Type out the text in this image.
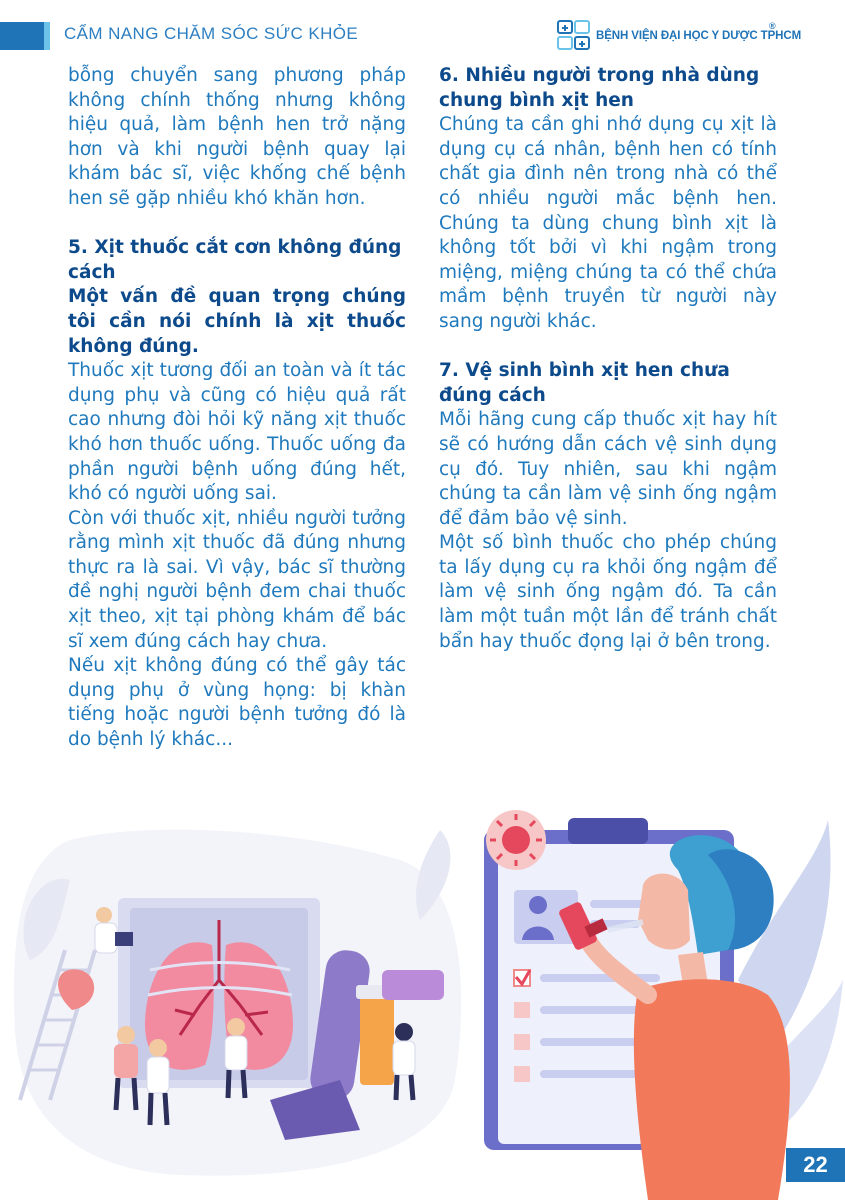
CẨM NANG CHĂM SÓC SỨC KHỎE	BỆNH VIỆN ĐẠI HỌC Y DƯỢC TPHCM
®

bỗng chuyển sang phương pháp không chính thống nhưng không hiệu quả, làm bệnh hen trở nặng hơn và khi người bệnh quay lại khám bác sĩ, việc khống chế bệnh hen sẽ gặp nhiều khó khăn hơn.

5. Xịt thuốc cắt cơn không đúng cách

Một vấn đề quan trọng chúng tôi cần nói chính là xịt thuốc không đúng.

Thuốc xịt tương đối an toàn và ít tác dụng phụ và cũng có hiệu quả rất cao nhưng đòi hỏi kỹ năng xịt thuốc khó hơn thuốc uống. Thuốc uống đa phần người bệnh uống đúng hết, khó có người uống sai.

Còn với thuốc xịt, nhiều người tưởng rằng mình xịt thuốc đã đúng nhưng thực ra là sai. Vì vậy, bác sĩ thường đề nghị người bệnh đem chai thuốc xịt theo, xịt tại phòng khám để bác sĩ xem đúng cách hay chưa.

Nếu xịt không đúng có thể gây tác dụng phụ ở vùng họng: bị khàn tiếng hoặc người bệnh tưởng đó là do bệnh lý khác...

6. Nhiều người trong nhà dùng chung bình xịt hen

Chúng ta cần ghi nhớ dụng cụ xịt là dụng cụ cá nhân, bệnh hen có tính chất gia đình nên trong nhà có thể có nhiều người mắc bệnh hen. Chúng ta dùng chung bình xịt là không tốt bởi vì khi ngậm trong miệng, miệng chúng ta có thể chứa mầm bệnh truyền từ người này sang người khác.

7. Vệ sinh bình xịt hen chưa đúng cách

Mỗi hãng cung cấp thuốc xịt hay hít sẽ có hướng dẫn cách vệ sinh dụng cụ đó. Tuy nhiên, sau khi ngậm chúng ta cần làm vệ sinh ống ngậm để đảm bảo vệ sinh.

Một số bình thuốc cho phép chúng ta lấy dụng cụ ra khỏi ống ngậm để làm vệ sinh ống ngậm đó. Ta cần làm một tuần một lần để tránh chất bẩn hay thuốc đọng lại ở bên trong.

22
